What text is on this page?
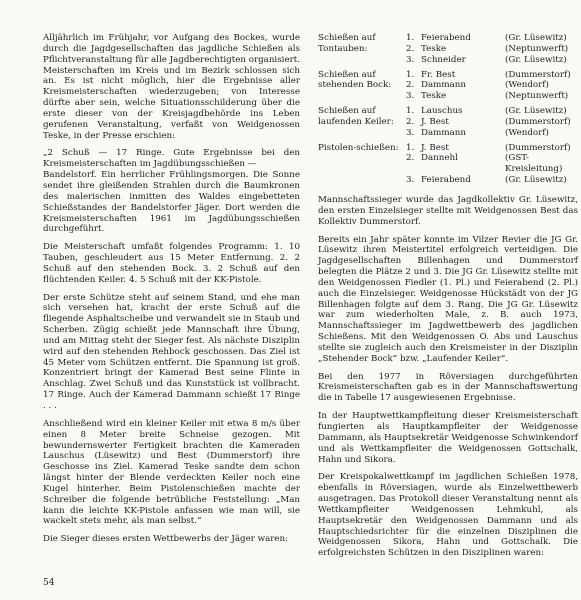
Alljährlich im Frühjahr, vor Aufgang des Bockes, wurde durch die Jagdgesellschaften das jagdliche Schießen als Pflichtveranstaltung für alle Jagdberechtigten organisiert. Meisterschaften im Kreis und im Bezirk schlossen sich an. Es ist nicht möglich, hier die Ergebnisse aller Kreismeisterschaften wiederzugeben; von Interesse dürfte aber sein, welche Situationsschilderung über die erste dieser von der Kreisjagdbehörde ins Leben gerufenen Veranstaltung, verfaßt von Weidgenossen Teske, in der Presse erschien:

„2 Schuß — 17 Ringe. Gute Ergebnisse bei den Kreismeisterschaften im Jagdübungsschießen —

Bandelstorf. Ein herrlicher Frühlingsmorgen. Die Sonne sendet ihre gleißenden Strahlen durch die Baumkronen des malerischen inmitten des Waldes eingebetteten Schießstandes der Bandelstorfer Jäger. Dort werden die Kreismeisterschaften 1961 im Jagdübungsschießen durchgeführt.

Die Meisterschaft umfaßt folgendes Programm: 1. 10 Tauben, geschleudert aus 15 Meter Entfernung. 2. 2 Schuß auf den stehenden Bock. 3. 2 Schuß auf den flüchtenden Keiler. 4. 5 Schuß mit der KK-Pistole.

Der erste Schütze steht auf seinem Stand, und ehe man sich versehen hat, kracht der erste Schuß auf die fliegende Asphaltscheibe und verwandelt sie in Staub und Scherben. Zügig schießt jede Mannschaft ihre Übung, und am Mittag steht der Sieger fest. Als nächste Disziplin wird auf den stehenden Rehbock geschossen. Das Ziel ist 45 Meter vom Schützen entfernt. Die Spannung ist groß. Konzentriert bringt der Kamerad Best seine Flinte in Anschlag. Zwei Schuß und das Kunststück ist vollbracht. 17 Ringe. Auch der Kamerad Dammann schießt 17 Ringe . . .

Anschließend wird ein kleiner Keiler mit etwa 8 m/s über einen 8 Meter breite Schneise gezogen. Mit bewundernswerter Fertigkeit brachten die Kameraden Lauschus (Lüsewitz) und Best (Dummerstorf) ihre Geschosse ins Ziel. Kamerad Teske sandte dem schon längst hinter der Blende verdeckten Keiler noch eine Kugel hinterher. Beim Pistolenschießen machte der Schreiber die folgende betrübliche Feststellung: „Man kann die leichte KK-Pistole anfassen wie man will, sie wackelt stets mehr, als man selbst.“

Die Sieger dieses ersten Wettbewerbs der Jäger waren:

Schießen auf Tontauben:
1. Feierabend	(Gr. Lüsewitz)
2. Teske	(Neptunwerft)
3. Schneider	(Gr. Lüsewitz)
Schießen auf stehenden Bock:
1. Fr. Best	(Dummerstorf)
2. Dammann	(Wendorf)
3. Teske	(Neptunwerft)
Schießen auf laufenden Keiler:
1. Lauschus	(Gr. Lüsewitz)
2. J. Best	(Dummerstorf)
3. Dammann	(Wendorf)
Pistolen-schießen: 1. J. Best	(Dummerstorf)
2. Dannehl	(GST-Kreisleitung)
3. Feierabend	(Gr. Lüsewitz)

Mannschaftssieger wurde das Jagdkollektiv Gr. Lüsewitz, den ersten Einzelsieger stellte mit Weidgenossen Best das Kollektiv Dummerstorf.

Bereits ein Jahr später konnte im Vilzer Revier die JG Gr. Lüsewitz ihren Meistertitel erfolgreich verteidigen. Die Jagdgesellschaften Billenhagen und Dummerstorf belegten die Plätze 2 und 3. Die JG Gr. Lüsewitz stellte mit den Weidgenossen Fiedler (1. Pl.) und Feierabend (2. Pl.) auch die Einzelsieger. Weidgenosse Hückstädt von der JG Billenhagen folgte auf dem 3. Rang. Die JG Gr. Lüsewitz war zum wiederholten Male, z. B. auch 1973, Mannschaftssieger im Jagdwettbewerb des jagdlichen Schießens. Mit den Weidgenossen O. Abs und Lauschus stellte sie zugleich auch den Kreismeister in der Disziplin „Stehender Bock“ bzw. „Laufender Keiler“.

Bei den 1977 in Röversiagen durchgeführten Kreismeisterschaften gab es in der Mannschaftswertung die in Tabelle 17 ausgewiesenen Ergebnisse.

In der Hauptwettkampfleitung dieser Kreismeisterschaft fungierten als Hauptkampfleiter der Weidgenosse Dammann, als Hauptsekretär Weidgenosse Schwinkendorf und als Wettkampfleiter die Weidgenossen Gottschalk, Hahn und Sikora.

Der Kreispokalwettkampf im jagdlichen Schießen 1978, ebenfalls in Röversiagen, wurde als Einzelwettbewerb ausgetragen. Das Protokoll dieser Veranstaltung nennt als Wettkampfleiter Weidgenossen Lehmkuhl, als Hauptsekretär den Weidgenossen Dammann und als Hauptschiedsrichter für die einzelnen Disziplinen die Weidgenossen Sikora, Hahn und Gottschalk. Die erfolgreichsten Schützen in den Disziplinen waren:

54
